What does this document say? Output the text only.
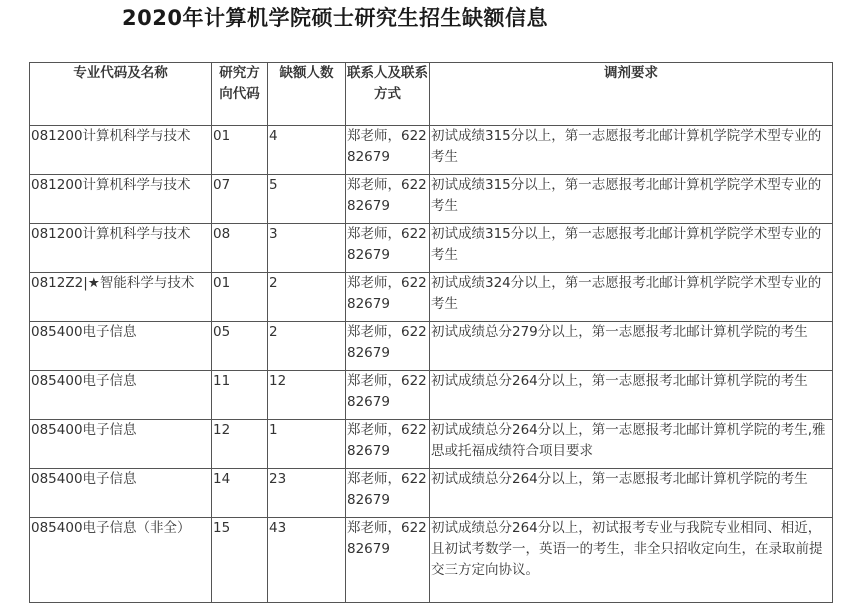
2020年计算机学院硕士研究生招生缺额信息
专业代码及名称	研究方向代码	缺额人数	联系人及联系方式	调剂要求
081200计算机科学与技术	01	4	郑老师，62282679	初试成绩315分以上，第一志愿报考北邮计算机学院学术型专业的考生
081200计算机科学与技术	07	5	郑老师，62282679	初试成绩315分以上，第一志愿报考北邮计算机学院学术型专业的考生
081200计算机科学与技术	08	3	郑老师，62282679	初试成绩315分以上，第一志愿报考北邮计算机学院学术型专业的考生
0812Z2|★智能科学与技术	01	2	郑老师，62282679	初试成绩324分以上，第一志愿报考北邮计算机学院学术型专业的考生
085400电子信息	05	2	郑老师，62282679	初试成绩总分279分以上，第一志愿报考北邮计算机学院的考生
085400电子信息	11	12	郑老师，62282679	初试成绩总分264分以上，第一志愿报考北邮计算机学院的考生
085400电子信息	12	1	郑老师，62282679	初试成绩总分264分以上，第一志愿报考北邮计算机学院的考生,雅思或托福成绩符合项目要求
085400电子信息	14	23	郑老师，62282679	初试成绩总分264分以上，第一志愿报考北邮计算机学院的考生
085400电子信息（非全）	15	43	郑老师，62282679	初试成绩总分264分以上，初试报考专业与我院专业相同、相近，且初试考数学一，英语一的考生，非全只招收定向生，在录取前提交三方定向协议。
